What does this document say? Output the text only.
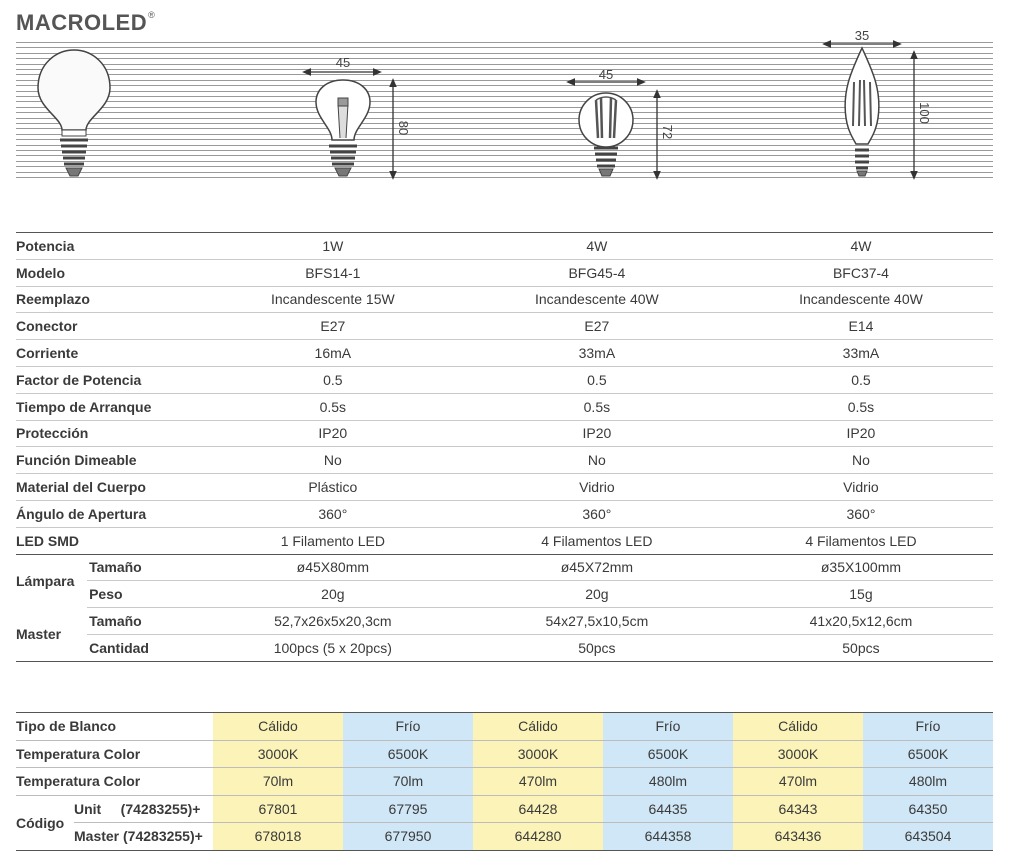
MACROLED®
45
80
45
72
35
100
Potencia		1W	4W	4W
Modelo		BFS14-1	BFG45-4	BFC37-4
Reemplazo		Incandescente 15W	Incandescente 40W	Incandescente 40W
Conector		E27	E27	E14
Corriente		16mA	33mA	33mA
Factor de Potencia		0.5	0.5	0.5
Tiempo de Arranque		0.5s	0.5s	0.5s
Protección		IP20	IP20	IP20
Función Dimeable		No	No	No
Material del Cuerpo		Plástico	Vidrio	Vidrio
Ángulo de Apertura		360°	360°	360°
LED SMD		1 Filamento LED	4 Filamentos LED	4 Filamentos LED
Lámpara	Tamaño	ø45X80mm	ø45X72mm	ø35X100mm
	Peso	20g	20g	15g
Master	Tamaño	52,7x26x5x20,3cm	54x27,5x10,5cm	41x20,5x12,6cm
	Cantidad	100pcs (5 x 20pcs)	50pcs	50pcs
Tipo de Blanco		Cálido	Frío	Cálido	Frío	Cálido	Frío
Temperatura Color		3000K	6500K	3000K	6500K	3000K	6500K
Temperatura Color		70lm	70lm	470lm	480lm	470lm	480lm
Código	Unit (74283255)+	67801	67795	64428	64435	64343	64350
	Master (74283255)+	678018	677950	644280	644358	643436	643504
